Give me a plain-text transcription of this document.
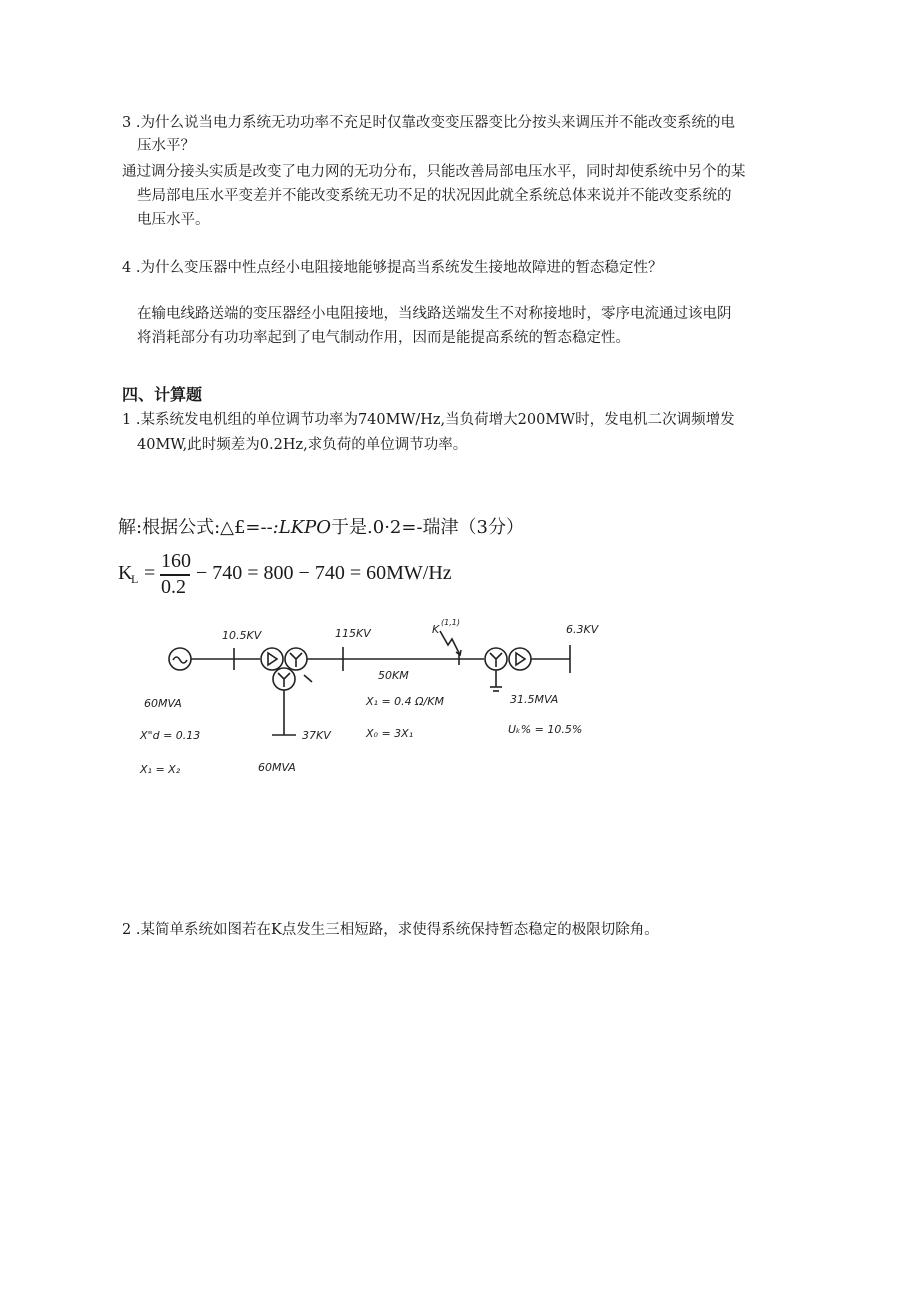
3 .为什么说当电力系统无功功率不充足时仅靠改变变压器变比分按头来调压并不能改变系统的电
压水平？
通过调分接头实质是改变了电力网的无功分布，只能改善局部电压水平，同时却使系统中另个的某
些局部电压水平变差并不能改变系统无功不足的状况因此就全系统总体来说并不能改变系统的
电压水平。
4 .为什么变压器中性点经小电阻接地能够提高当系统发生接地故障进的暂态稳定性？
在输电线路送端的变压器经小电阻接地，当线路送端发生不对称接地时，零序电流通过该电阴
将消耗部分有功功率起到了电气制动作用，因而是能提高系统的暂态稳定性。
四、计算题
1 .某系统发电机组的单位调节功率为740MW/Hz,当负荷增大200MW时，发电机二次调频增发
40MW,此时频差为0.2Hz,求负荷的单位调节功率。
解:根据公式:△£=--:LKPO于是.0·2=-瑞津（3分）
K
L =
160
0.2
− 740 = 800 − 740 = 60MW/Hz
10.5KV	115KV	6.3KV
K
(1,1)
50KM
60MVA
X"d = 0.13
X₁ = X₂
X₁ = 0.4 Ω/KM
X₀ = 3X₁
37KV
60MVA
31.5MVA
Uₖ% = 10.5%
2 .某简单系统如图若在K点发生三相短路，求使得系统保持暂态稳定的极限切除角。
